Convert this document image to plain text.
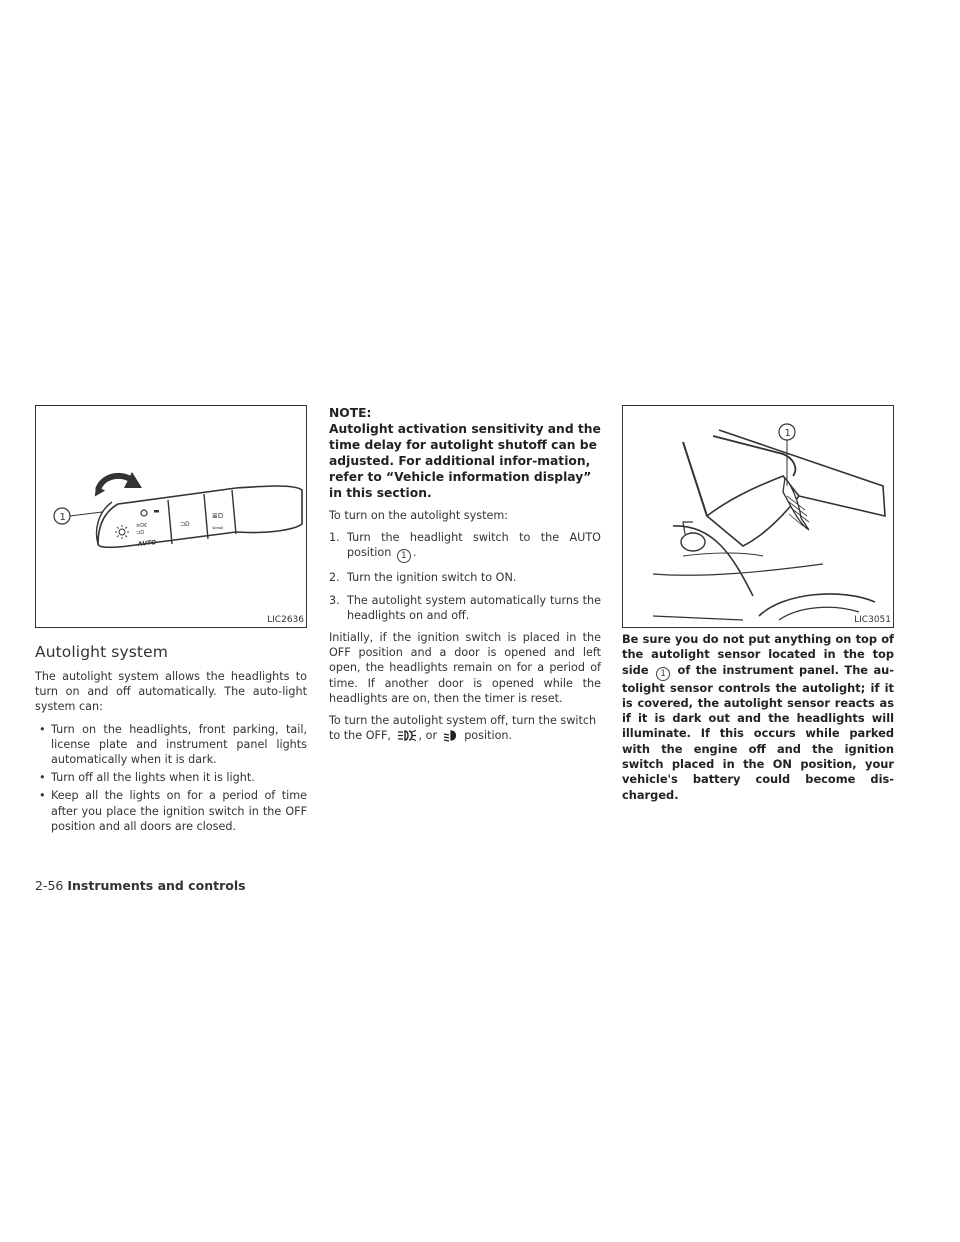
≡D€
⊐D
⊐D
≣D
⇦⇨
AUTO
1
LIC2636
Autolight system

The autolight system allows the headlights to turn on and off automatically. The auto-light system can:

• Turn on the headlights, front parking, tail, license plate and instrument panel lights automatically when it is dark.
• Turn off all the lights when it is light.
• Keep all the lights on for a period of time after you place the ignition switch in the OFF position and all doors are closed.
NOTE:
Autolight activation sensitivity and the time delay for autolight shutoff can be adjusted. For additional infor-mation, refer to “Vehicle information display” in this section.

To turn on the autolight system:

1. Turn the headlight switch to the AUTO position 1 .
2. Turn the ignition switch to ON.
3. The autolight system automatically turns the headlights on and off.

Initially, if the ignition switch is placed in the OFF position and a door is opened and left open, the headlights remain on for a period of time. If another door is opened while the headlights are on, then the timer is reset.

To turn the autolight system off, turn the switch to the OFF, , or position.

1
LIC3051
Be sure you do not put anything on top of the autolight sensor located in the top side 1 of the instrument panel. The au-tolight sensor controls the autolight; if it is covered, the autolight sensor reacts as if it is dark out and the headlights will illuminate. If this occurs while parked with the engine off and the ignition switch placed in the ON position, your vehicle's battery could become dis-charged.
2-56 Instruments and controls
